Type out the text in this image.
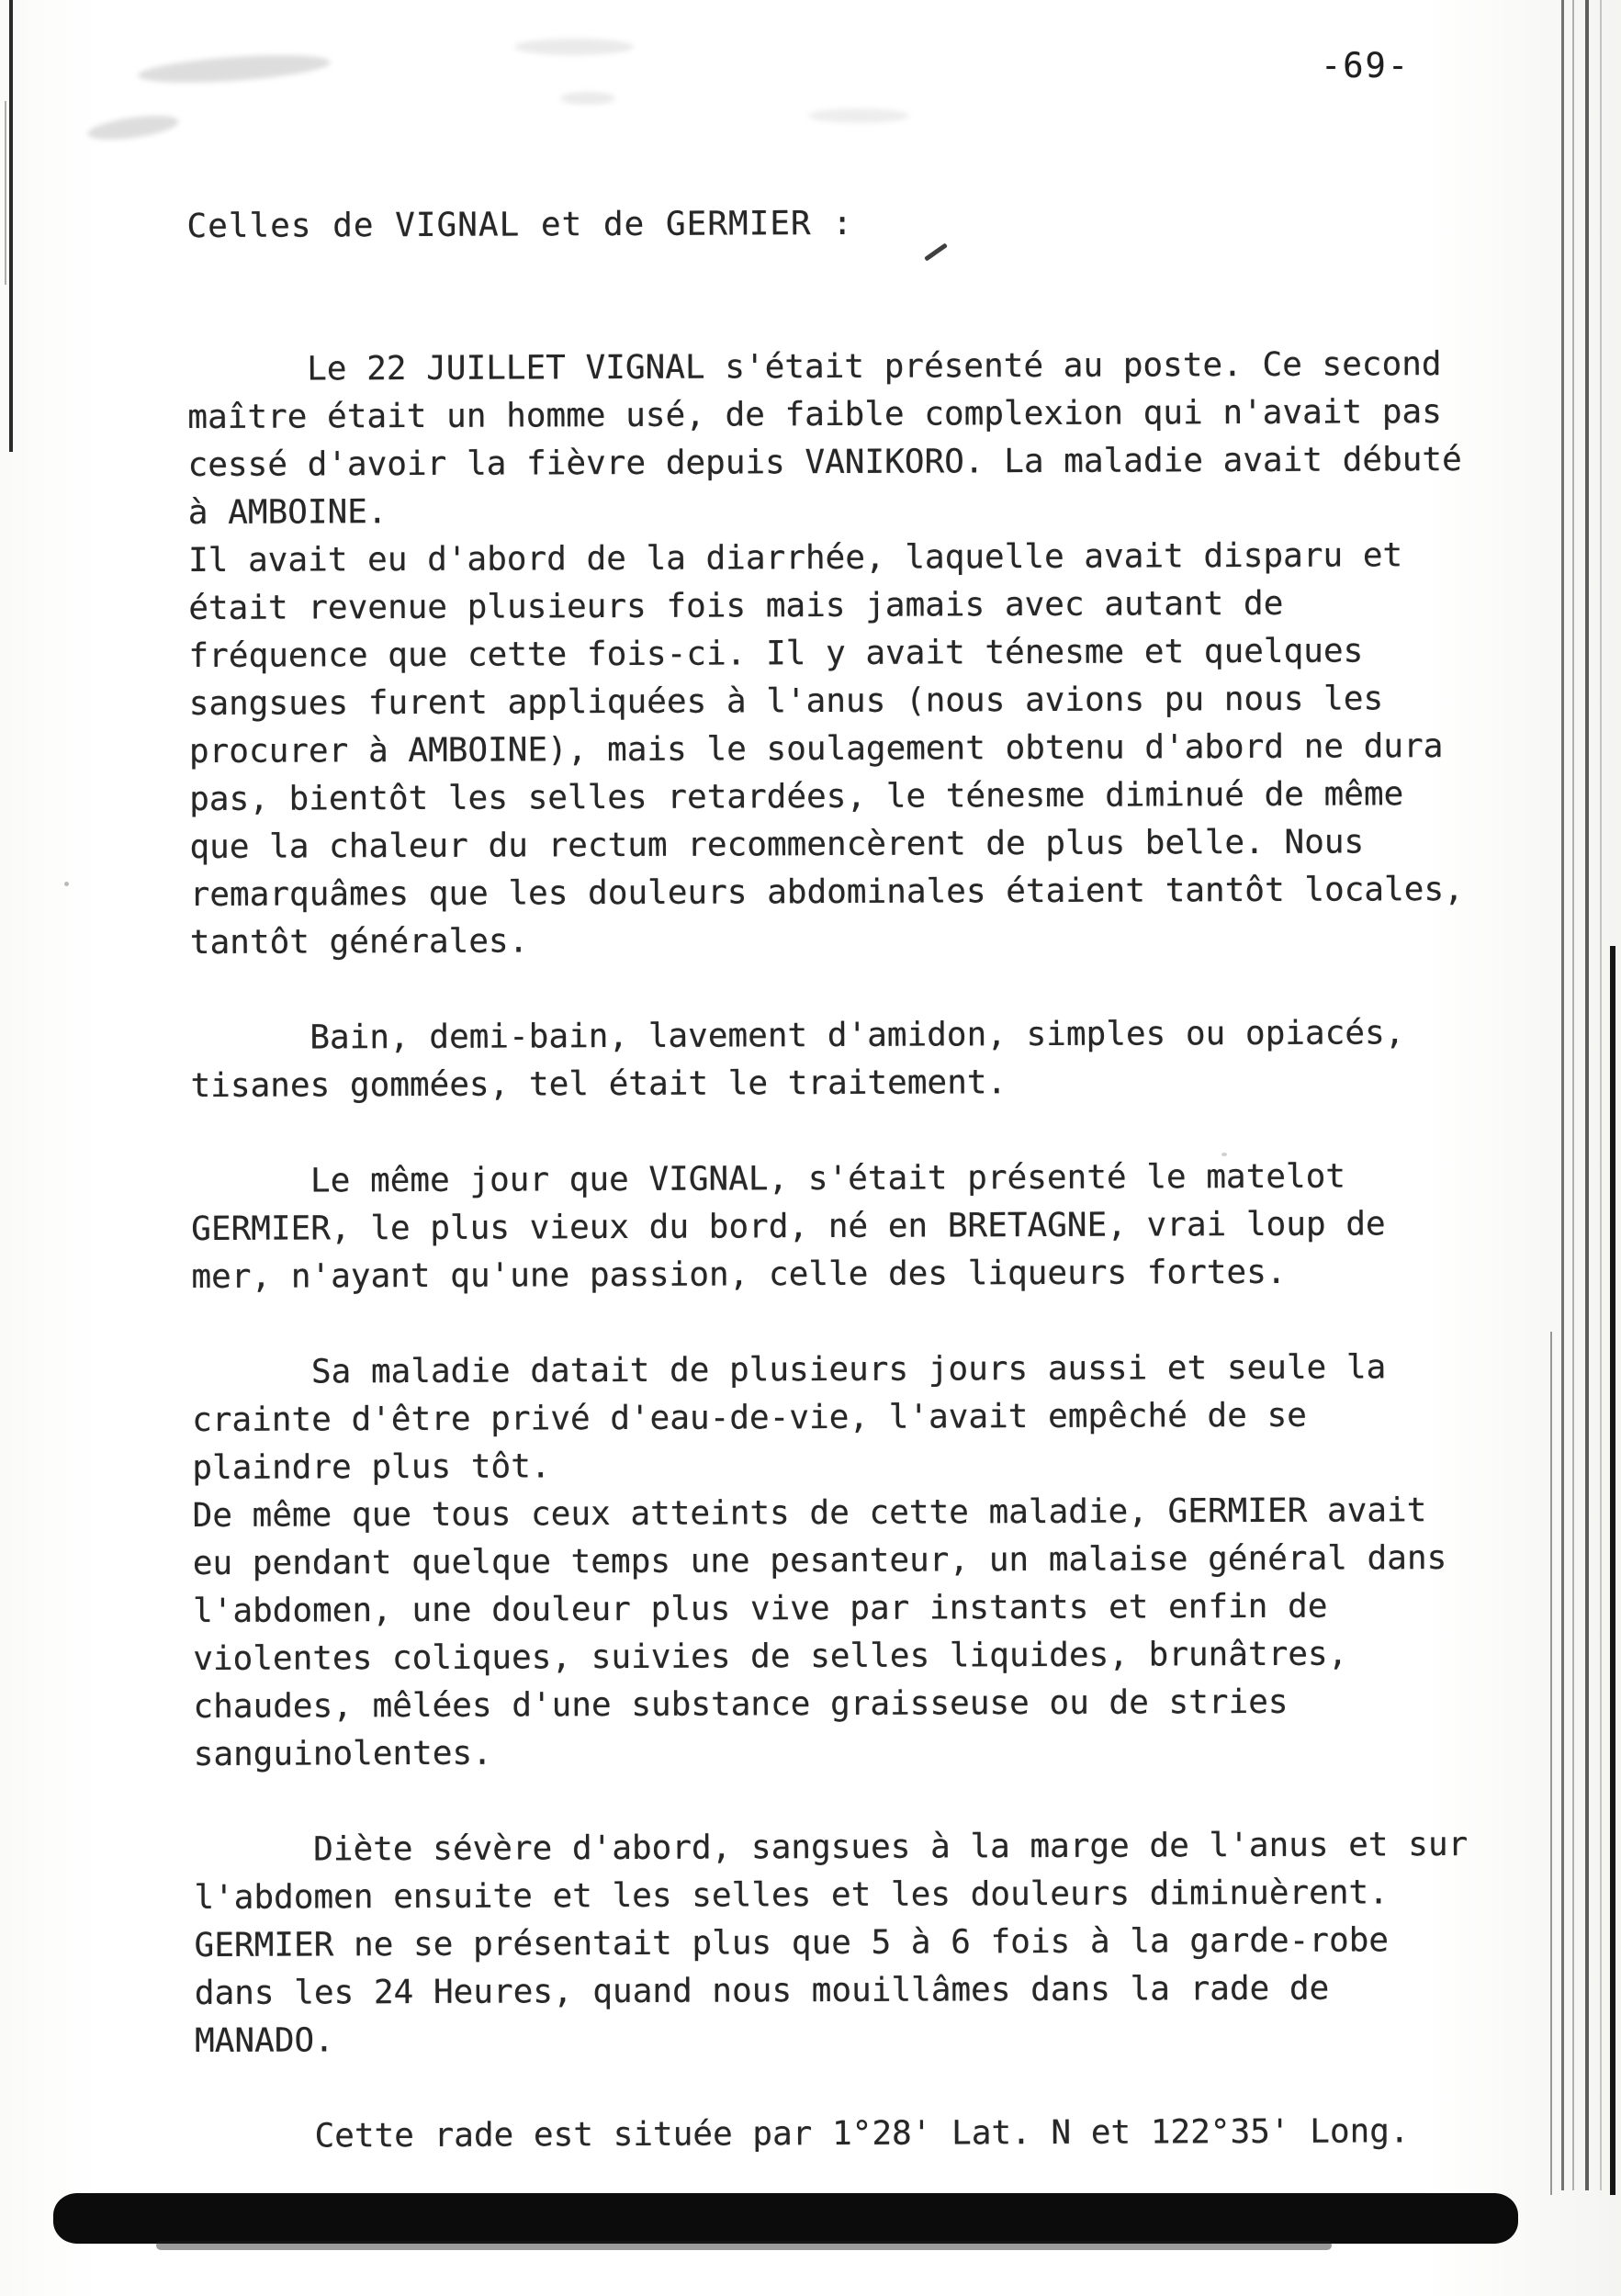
-69-
Celles de VIGNAL et de GERMIER :
Le 22 JUILLET VIGNAL s'était présenté au poste. Ce second maître était un homme usé, de faible complexion qui n'avait pas cessé d'avoir la fièvre depuis VANIKORO. La maladie avait débuté à AMBOINE.
Il avait eu d'abord de la diarrhée, laquelle avait disparu et était revenue plusieurs fois mais jamais avec autant de fréquence que cette fois-ci. Il y avait ténesme et quelques sangsues furent appliquées à l'anus (nous avions pu nous les procurer à AMBOINE), mais le soulagement obtenu d'abord ne dura pas, bientôt les selles retardées, le ténesme diminué de même que la chaleur du rectum recommencèrent de plus belle. Nous remarquâmes que les douleurs abdominales étaient tantôt locales, tantôt générales.
Bain, demi-bain, lavement d'amidon, simples ou opiacés, tisanes gommées, tel était le traitement.
Le même jour que VIGNAL, s'était présenté le matelot GERMIER, le plus vieux du bord, né en BRETAGNE, vrai loup de mer, n'ayant qu'une passion, celle des liqueurs fortes.
Sa maladie datait de plusieurs jours aussi et seule la crainte d'être privé d'eau-de-vie, l'avait empêché de se plaindre plus tôt.
De même que tous ceux atteints de cette maladie, GERMIER avait eu pendant quelque temps une pesanteur, un malaise général dans l'abdomen, une douleur plus vive par instants et enfin de violentes coliques, suivies de selles liquides, brunâtres, chaudes, mêlées d'une substance graisseuse ou de stries sanguinolentes.
Diète sévère d'abord, sangsues à la marge de l'anus et sur l'abdomen ensuite et les selles et les douleurs diminuèrent. GERMIER ne se présentait plus que 5 à 6 fois à la garde-robe dans les 24 Heures, quand nous mouillâmes dans la rade de MANADO.
Cette rade est située par 1°28' Lat. N et 122°35' Long.
